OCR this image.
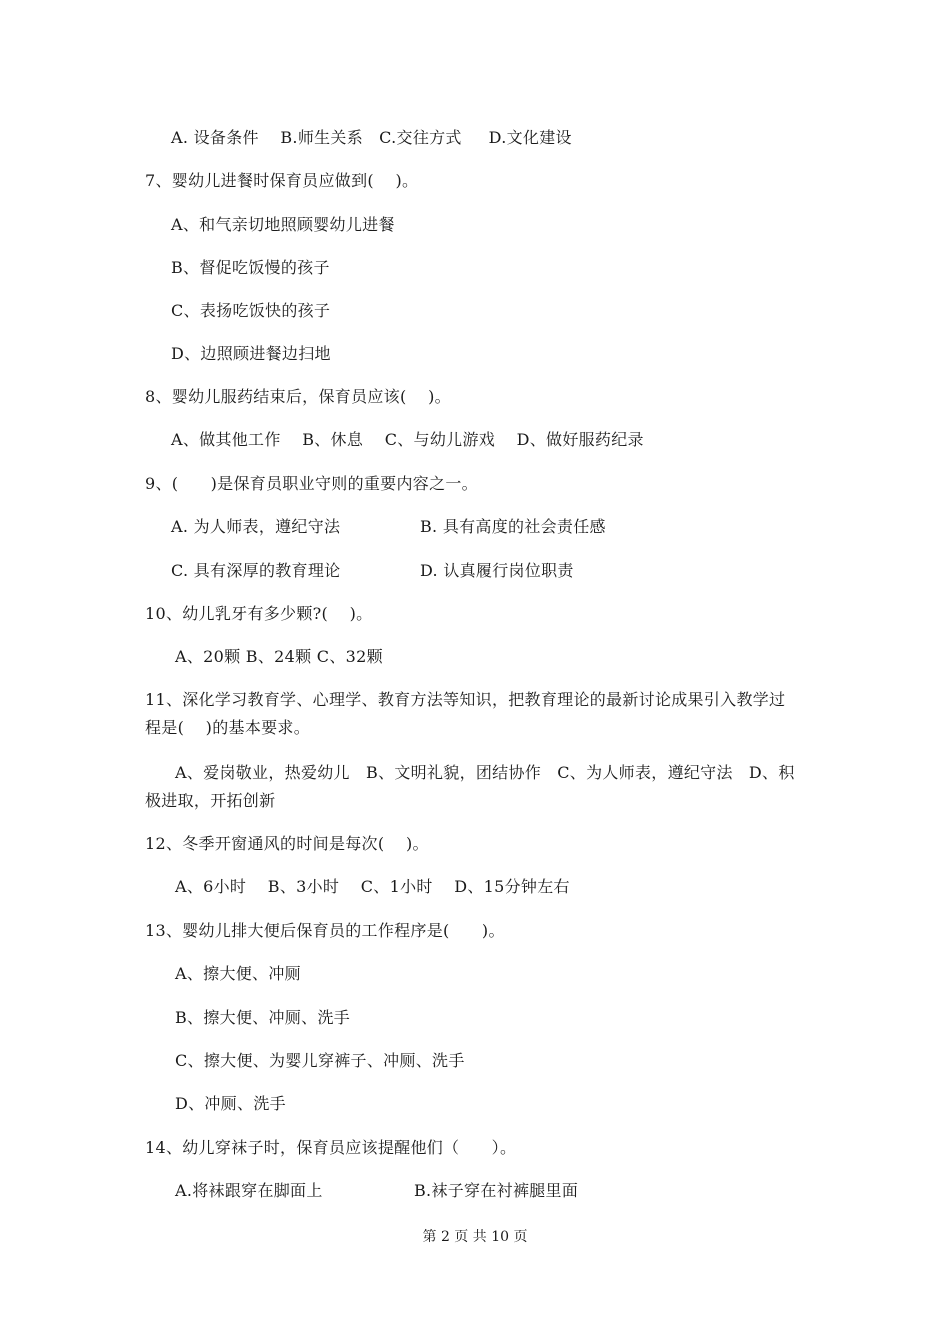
A. 设备条件    B.师生关系   C.交往方式     D.文化建设
7、婴幼儿进餐时保育员应做到(    )。
A、和气亲切地照顾婴幼儿进餐
B、督促吃饭慢的孩子
C、表扬吃饭快的孩子
D、边照顾进餐边扫地
8、婴幼儿服药结束后，保育员应该(    )。
A、做其他工作    B、休息    C、与幼儿游戏    D、做好服药纪录
9、(      )是保育员职业守则的重要内容之一。
A. 为人师表，遵纪守法	B. 具有高度的社会责任感
C. 具有深厚的教育理论	D. 认真履行岗位职责
10、幼儿乳牙有多少颗?(    )。
A、20颗 B、24颗 C、32颗
11、深化学习教育学、心理学、教育方法等知识，把教育理论的最新讨论成果引入教学过
程是(    )的基本要求。
A、爱岗敬业，热爱幼儿   B、文明礼貌，团结协作   C、为人师表，遵纪守法   D、积
极进取，开拓创新
12、冬季开窗通风的时间是每次(    )。
A、6小时    B、3小时    C、1小时    D、15分钟左右
13、婴幼儿排大便后保育员的工作程序是(      )。
A、擦大便、冲厕
B、擦大便、冲厕、洗手
C、擦大便、为婴儿穿裤子、冲厕、洗手
D、冲厕、洗手
14、幼儿穿袜子时，保育员应该提醒他们（      ）。
A.将袜跟穿在脚面上	B.袜子穿在衬裤腿里面
第 2 页 共 10 页
